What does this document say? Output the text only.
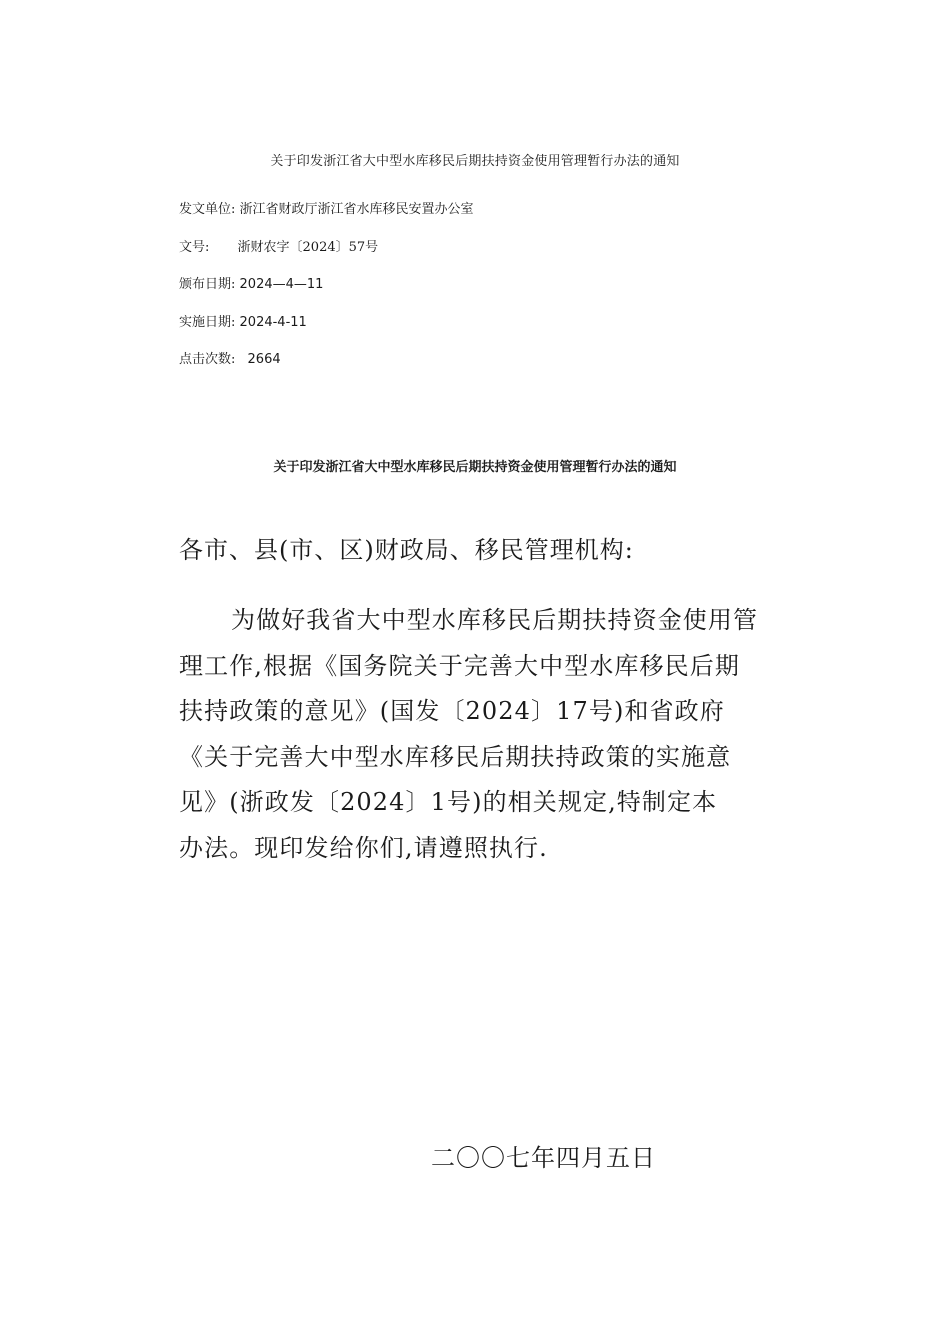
关于印发浙江省大中型水库移民后期扶持资金使用管理暂行办法的通知
发文单位: 浙江省财政厅浙江省水库移民安置办公室
文号: 浙财农字〔2024〕57号
颁布日期: 2024—4—11
实施日期: 2024-4-11
点击次数: 2664
关于印发浙江省大中型水库移民后期扶持资金使用管理暂行办法的通知
各市、县(市、区)财政局、移民管理机构:
为做好我省大中型水库移民后期扶持资金使用管
理工作,根据《国务院关于完善大中型水库移民后期
扶持政策的意见》(国发〔2024〕17号)和省政府
《关于完善大中型水库移民后期扶持政策的实施意
见》(浙政发〔2024〕1号)的相关规定,特制定本
办法。现印发给你们,请遵照执行.
二〇〇七年四月五日
